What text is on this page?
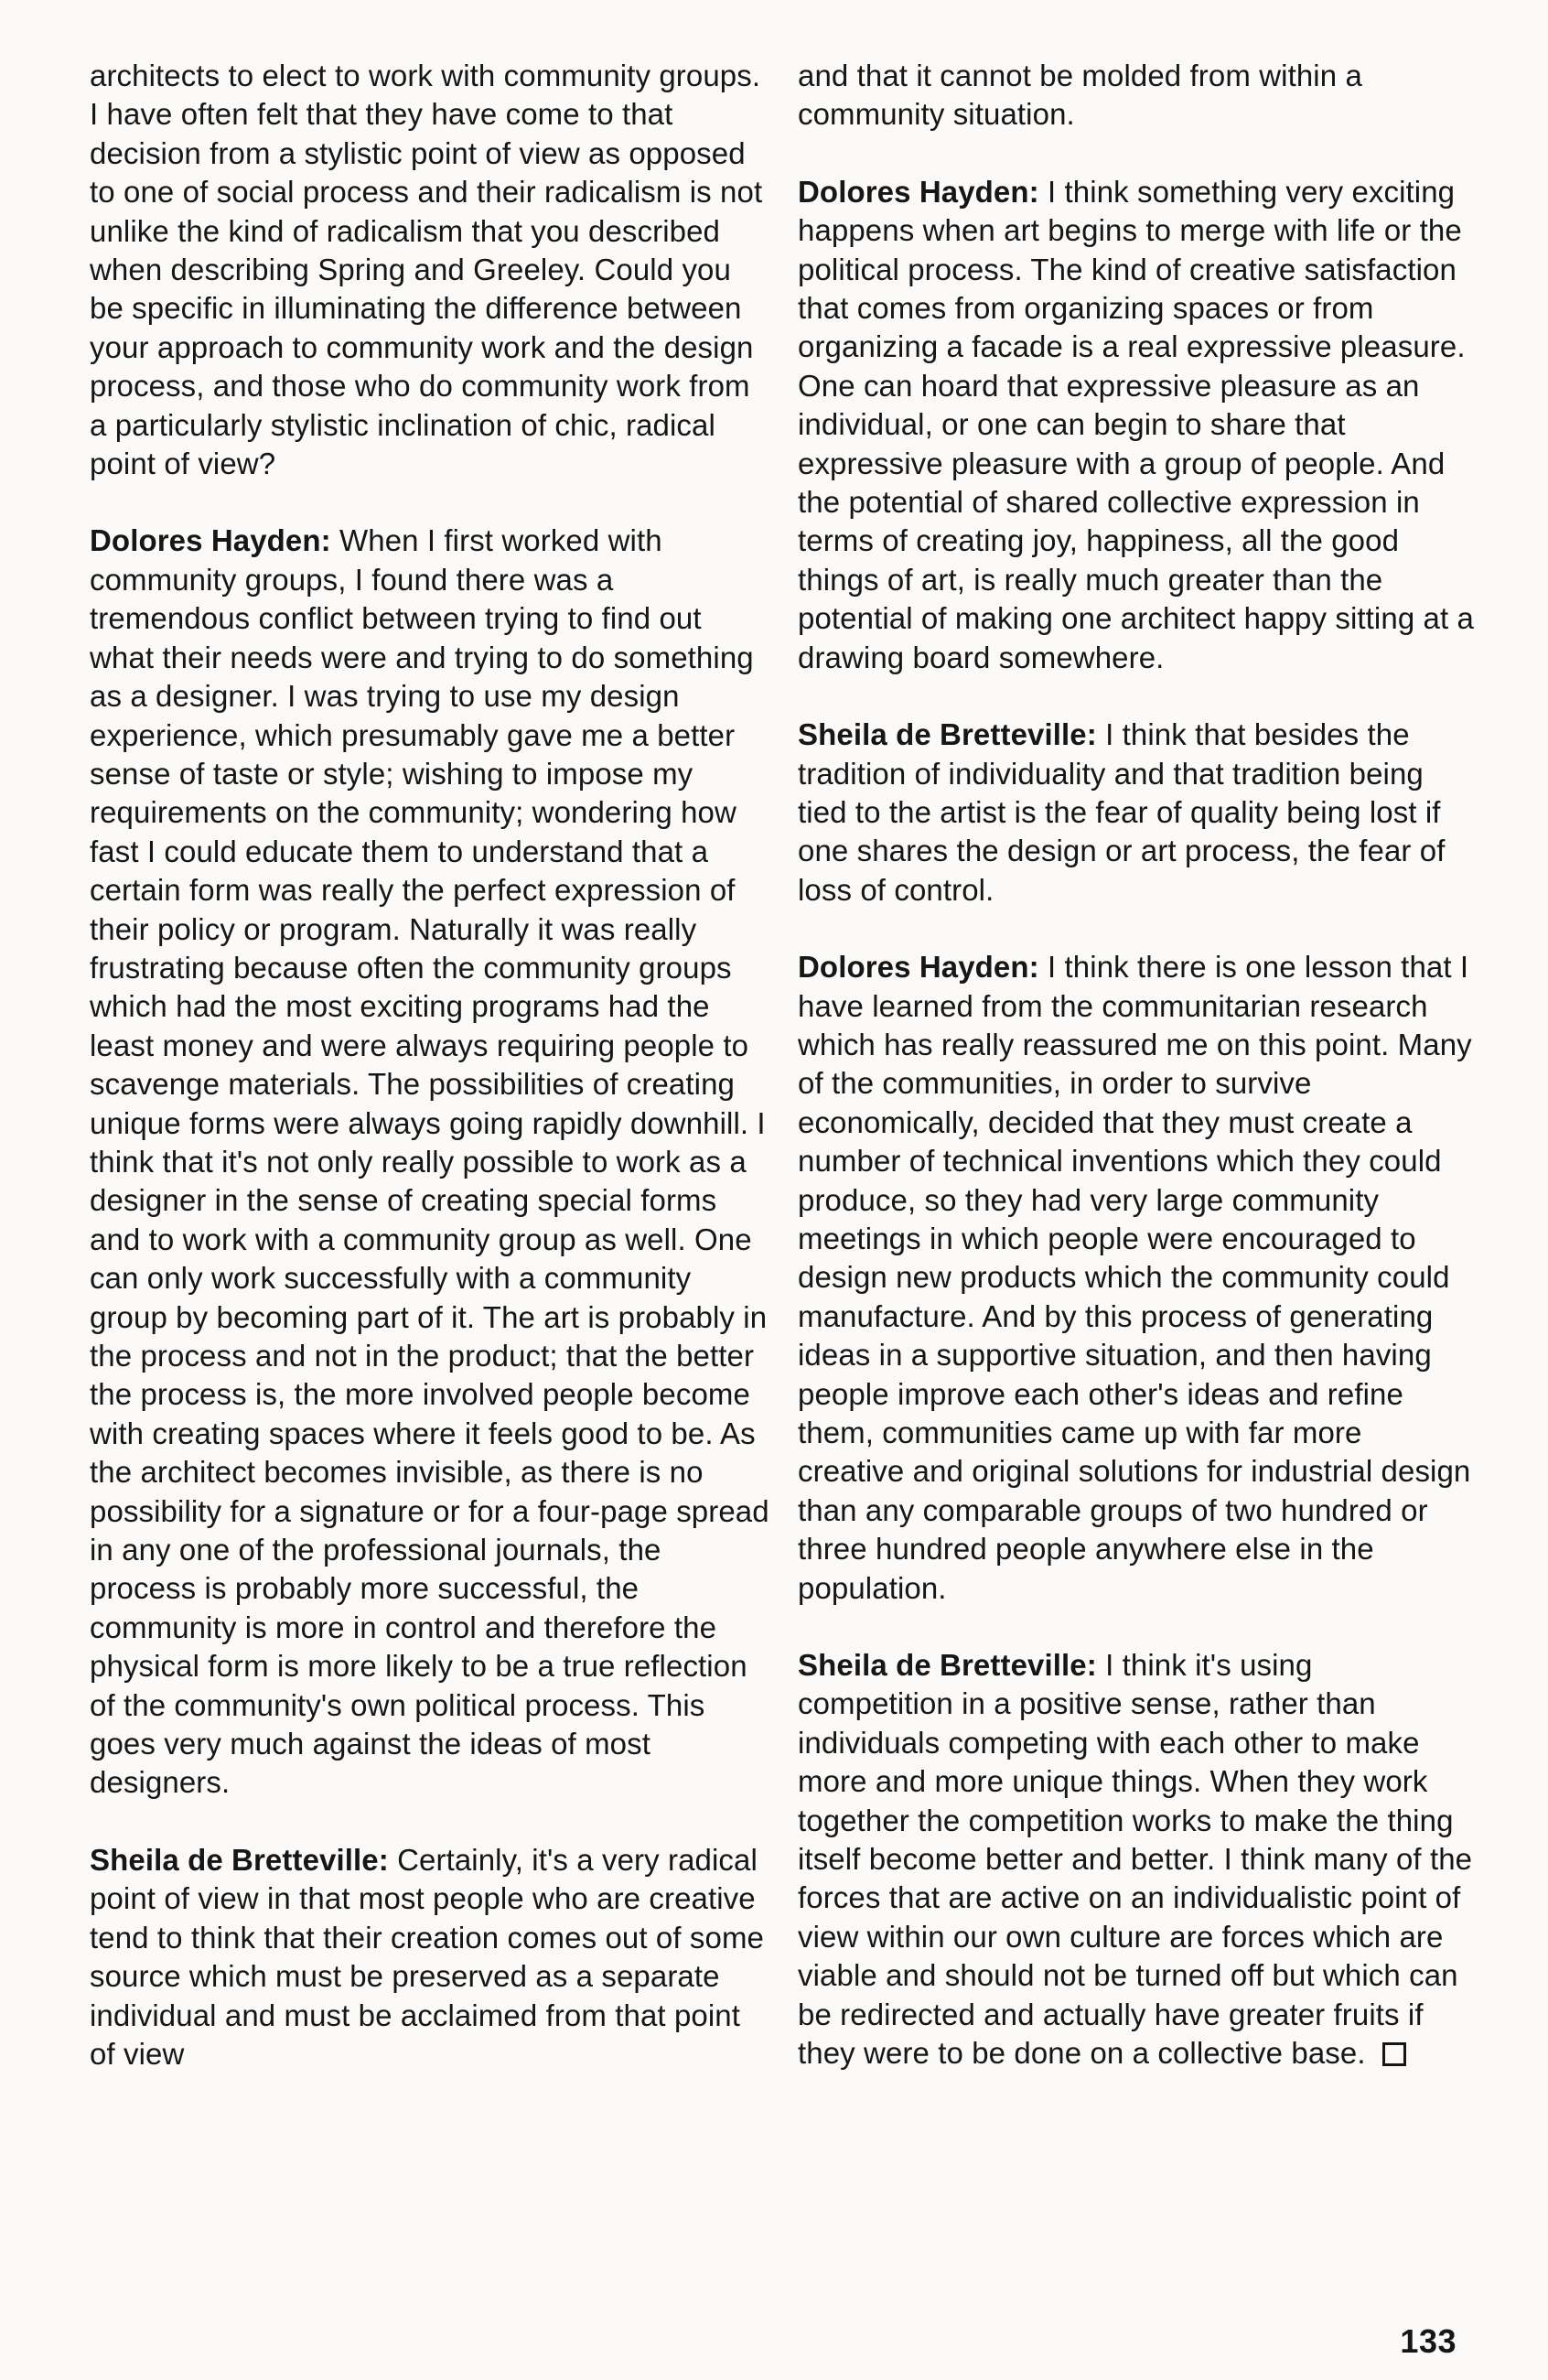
architects to elect to work with community groups. I have often felt that they have come to that decision from a stylistic point of view as opposed to one of social process and their radicalism is not unlike the kind of radicalism that you described when describing Spring and Greeley. Could you be specific in illuminating the difference between your approach to community work and the design process, and those who do community work from a particularly stylistic inclination of chic, radical point of view?

Dolores Hayden: When I first worked with community groups, I found there was a tremendous conflict between trying to find out what their needs were and trying to do something as a designer. I was trying to use my design experience, which presumably gave me a better sense of taste or style; wishing to impose my requirements on the community; wondering how fast I could educate them to understand that a certain form was really the perfect expression of their policy or program. Naturally it was really frustrating because often the community groups which had the most exciting programs had the least money and were always requiring people to scavenge materials. The possibilities of creating unique forms were always going rapidly downhill. I think that it's not only really possible to work as a designer in the sense of creating special forms and to work with a community group as well. One can only work successfully with a community group by becoming part of it. The art is probably in the process and not in the product; that the better the process is, the more involved people become with creating spaces where it feels good to be. As the architect becomes invisible, as there is no possibility for a signature or for a four-page spread in any one of the professional journals, the process is probably more successful, the community is more in control and therefore the physical form is more likely to be a true reflection of the community's own political process. This goes very much against the ideas of most designers.

Sheila de Bretteville: Certainly, it's a very radical point of view in that most people who are creative tend to think that their creation comes out of some source which must be preserved as a separate individual and must be acclaimed from that point of view

and that it cannot be molded from within a community situation.

Dolores Hayden: I think something very exciting happens when art begins to merge with life or the political process. The kind of creative satisfaction that comes from organizing spaces or from organizing a facade is a real expressive pleasure. One can hoard that expressive pleasure as an individual, or one can begin to share that expressive pleasure with a group of people. And the potential of shared collective expression in terms of creating joy, happiness, all the good things of art, is really much greater than the potential of making one architect happy sitting at a drawing board somewhere.

Sheila de Bretteville: I think that besides the tradition of individuality and that tradition being tied to the artist is the fear of quality being lost if one shares the design or art process, the fear of loss of control.

Dolores Hayden: I think there is one lesson that I have learned from the communitarian research which has really reassured me on this point. Many of the communities, in order to survive economically, decided that they must create a number of technical inventions which they could produce, so they had very large community meetings in which people were encouraged to design new products which the community could manufacture. And by this process of generating ideas in a supportive situation, and then having people improve each other's ideas and refine them, communities came up with far more creative and original solutions for industrial design than any comparable groups of two hundred or three hundred people anywhere else in the population.

Sheila de Bretteville: I think it's using competition in a positive sense, rather than individuals competing with each other to make more and more unique things. When they work together the competition works to make the thing itself become better and better. I think many of the forces that are active on an individualistic point of view within our own culture are forces which are viable and should not be turned off but which can be redirected and actually have greater fruits if they were to be done on a collective base.

133
